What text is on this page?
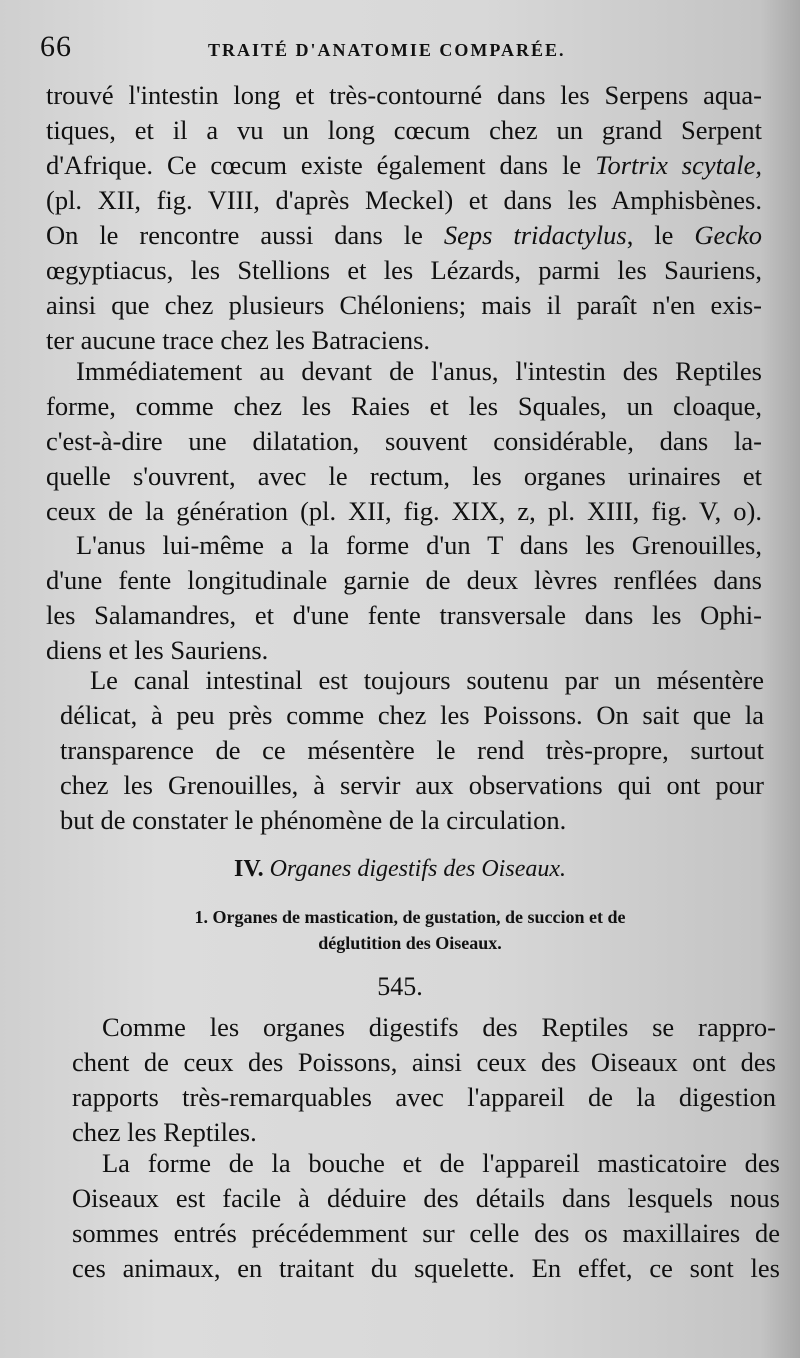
66	TRAITÉ D'ANATOMIE COMPARÉE.
trouvé l'intestin long et très-contourné dans les Serpens aqua-
tiques, et il a vu un long cœcum chez un grand Serpent
d'Afrique. Ce cœcum existe également dans le Tortrix scytale,
(pl. XII, fig. VIII, d'après Meckel) et dans les Amphisbènes.
On le rencontre aussi dans le Seps tridactylus, le Gecko
œgyptiacus, les Stellions et les Lézards, parmi les Sauriens,
ainsi que chez plusieurs Chéloniens; mais il paraît n'en exis-
ter aucune trace chez les Batraciens.
Immédiatement au devant de l'anus, l'intestin des Reptiles
forme, comme chez les Raies et les Squales, un cloaque,
c'est-à-dire une dilatation, souvent considérable, dans la-
quelle s'ouvrent, avec le rectum, les organes urinaires et
ceux de la génération (pl. XII, fig. XIX, z, pl. XIII, fig. V, o).
L'anus lui-même a la forme d'un T dans les Grenouilles,
d'une fente longitudinale garnie de deux lèvres renflées dans
les Salamandres, et d'une fente transversale dans les Ophi-
diens et les Sauriens.
Le canal intestinal est toujours soutenu par un mésentère
délicat, à peu près comme chez les Poissons. On sait que la
transparence de ce mésentère le rend très-propre, surtout
chez les Grenouilles, à servir aux observations qui ont pour
but de constater le phénomène de la circulation.
IV. Organes digestifs des Oiseaux.
1. Organes de mastication, de gustation, de succion et de
déglutition des Oiseaux.
545.
Comme les organes digestifs des Reptiles se rappro-
chent de ceux des Poissons, ainsi ceux des Oiseaux ont des
rapports très-remarquables avec l'appareil de la digestion
chez les Reptiles.
La forme de la bouche et de l'appareil masticatoire des
Oiseaux est facile à déduire des détails dans lesquels nous
sommes entrés précédemment sur celle des os maxillaires de
ces animaux, en traitant du squelette. En effet, ce sont les
